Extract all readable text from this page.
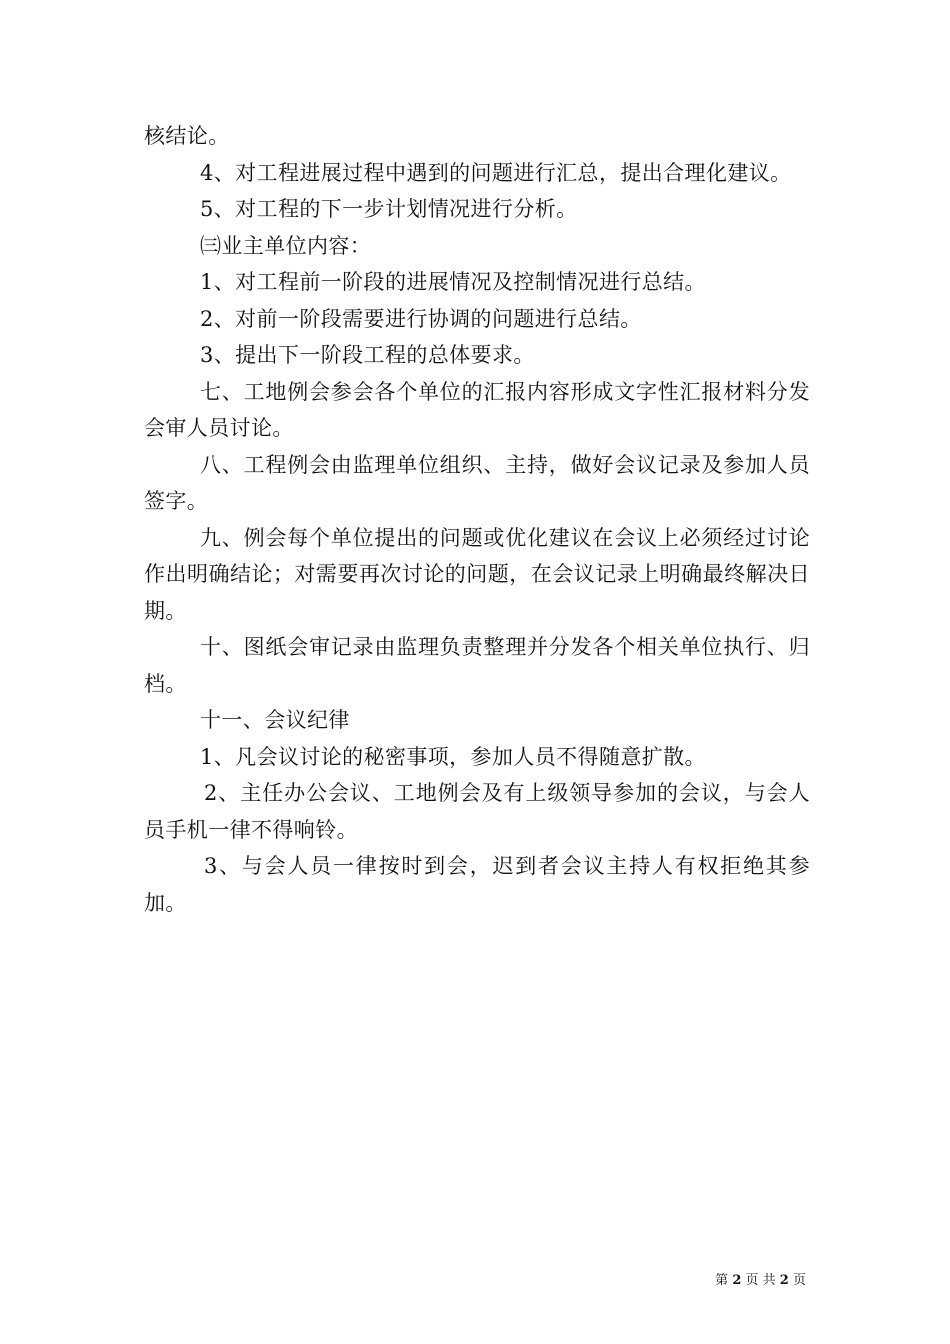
核结论。

4、对工程进展过程中遇到的问题进行汇总，提出合理化建议。

5、对工程的下一步计划情况进行分析。

㈢业主单位内容：

1、对工程前一阶段的进展情况及控制情况进行总结。

2、对前一阶段需要进行协调的问题进行总结。

3、提出下一阶段工程的总体要求。

七、工地例会参会各个单位的汇报内容形成文字性汇报材料分发会审人员讨论。

八、工程例会由监理单位组织、主持，做好会议记录及参加人员签字。

九、例会每个单位提出的问题或优化建议在会议上必须经过讨论作出明确结论；对需要再次讨论的问题，在会议记录上明确最终解决日期。

十、图纸会审记录由监理负责整理并分发各个相关单位执行、归档。

十一、会议纪律

1、凡会议讨论的秘密事项，参加人员不得随意扩散。

2、主任办公会议、工地例会及有上级领导参加的会议，与会人员手机一律不得响铃。

3、与会人员一律按时到会，迟到者会议主持人有权拒绝其参加。

第 2 页 共 2 页
